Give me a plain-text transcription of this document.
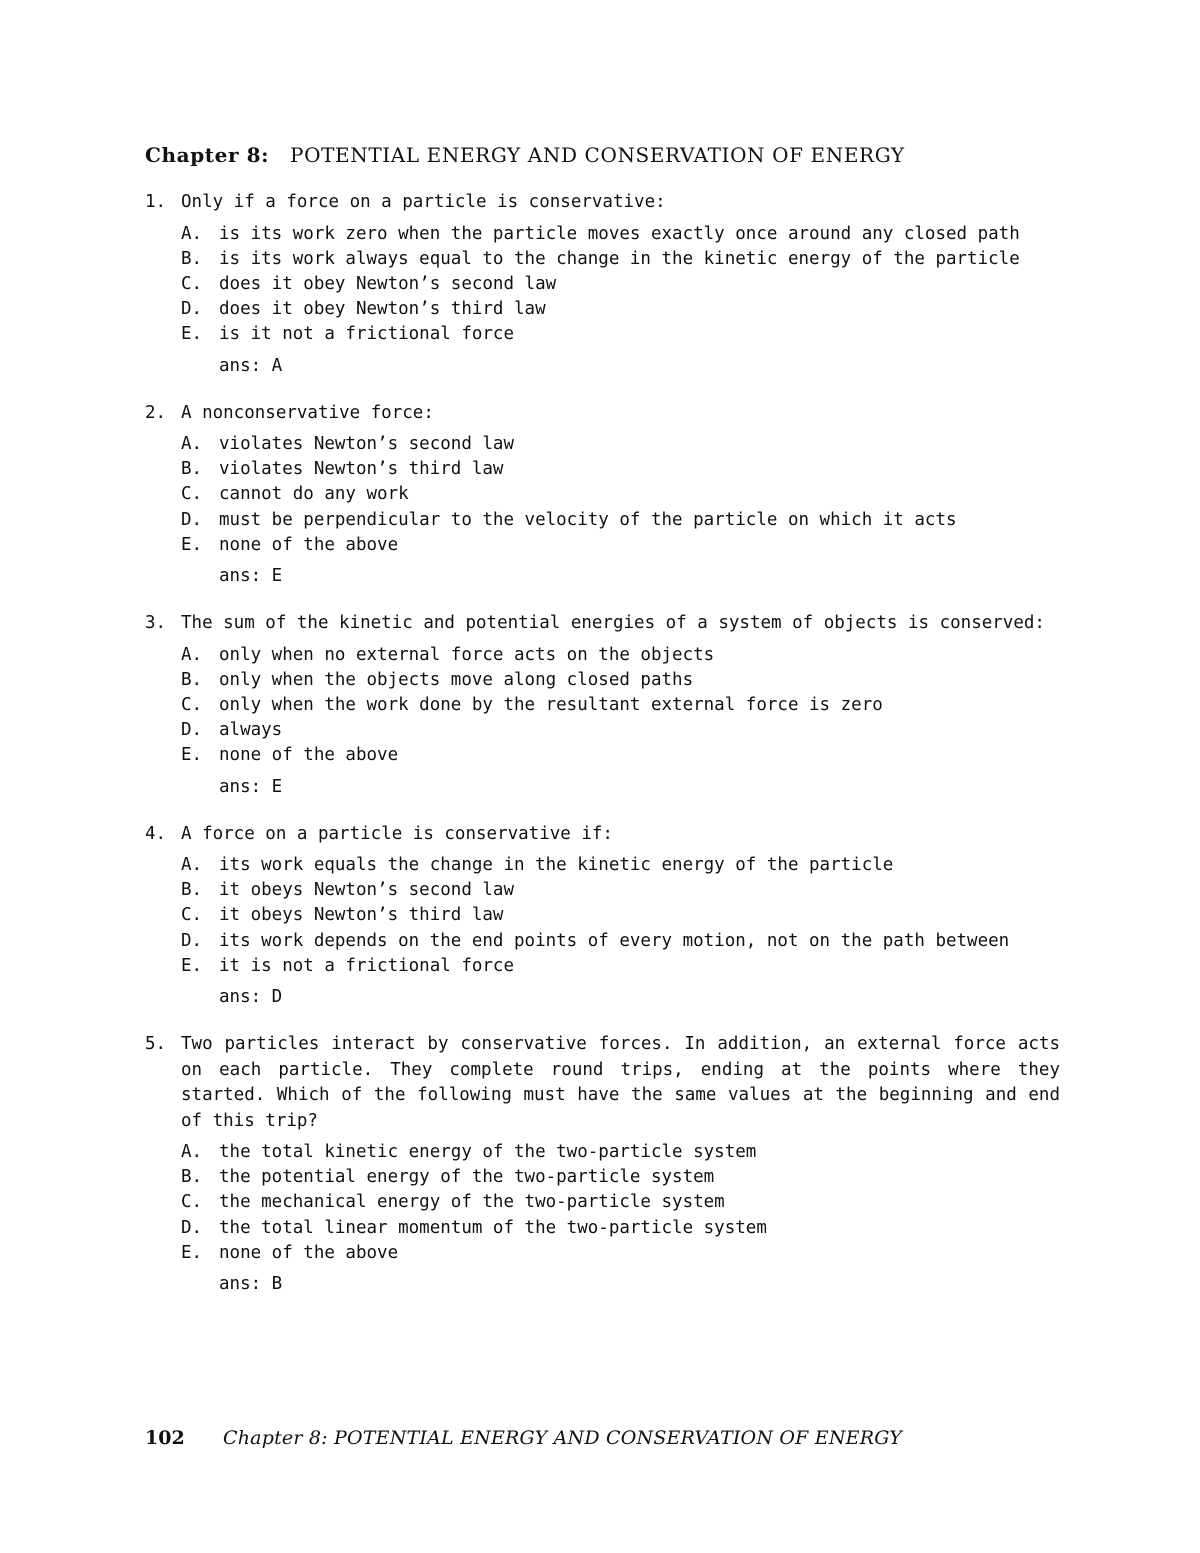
Chapter 8: POTENTIAL ENERGY AND CONSERVATION OF ENERGY
1. Only if a force on a particle is conservative:
A. is its work zero when the particle moves exactly once around any closed path
B. is its work always equal to the change in the kinetic energy of the particle
C. does it obey Newton’s second law
D. does it obey Newton’s third law
E. is it not a frictional force
ans: A
2. A nonconservative force:
A. violates Newton’s second law
B. violates Newton’s third law
C. cannot do any work
D. must be perpendicular to the velocity of the particle on which it acts
E. none of the above
ans: E
3. The sum of the kinetic and potential energies of a system of objects is conserved:
A. only when no external force acts on the objects
B. only when the objects move along closed paths
C. only when the work done by the resultant external force is zero
D. always
E. none of the above
ans: E
4. A force on a particle is conservative if:
A. its work equals the change in the kinetic energy of the particle
B. it obeys Newton’s second law
C. it obeys Newton’s third law
D. its work depends on the end points of every motion, not on the path between
E. it is not a frictional force
ans: D
5. Two particles interact by conservative forces. In addition, an external force acts on each particle. They complete round trips, ending at the points where they started. Which of the following must have the same values at the beginning and end of this trip?
A. the total kinetic energy of the two-particle system
B. the potential energy of the two-particle system
C. the mechanical energy of the two-particle system
D. the total linear momentum of the two-particle system
E. none of the above
ans: B
102 Chapter 8: POTENTIAL ENERGY AND CONSERVATION OF ENERGY
